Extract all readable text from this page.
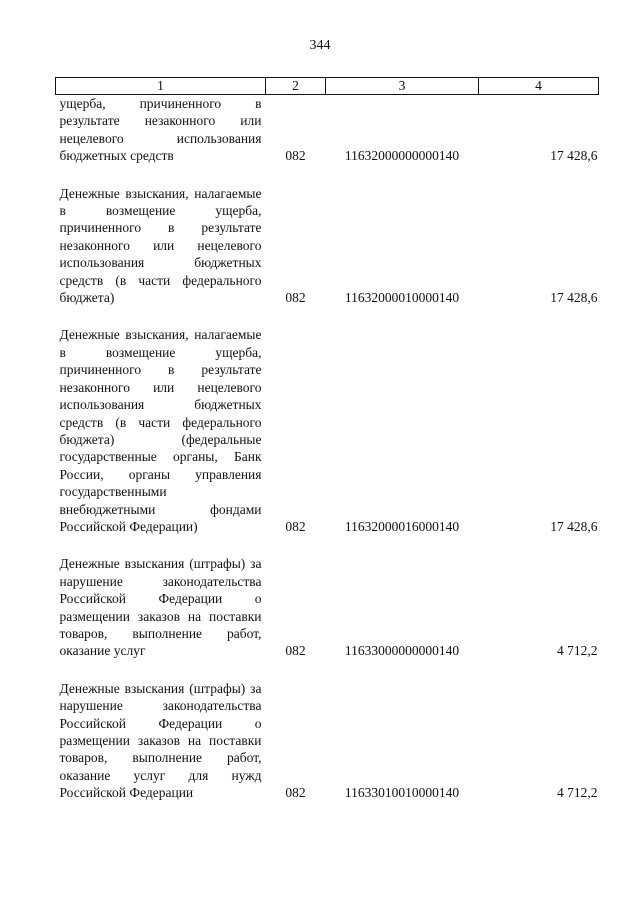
344
1	2	3	4
ущерба, причиненного в результате незаконного или нецелевого использования бюджетных средств	082	11632000000000140	17 428,6

Денежные взыскания, налагаемые в возмещение ущерба, причиненного в результате незаконного или нецелевого использования бюджетных средств (в части федерального бюджета)	082	11632000010000140	17 428,6

Денежные взыскания, налагаемые в возмещение ущерба, причиненного в результате незаконного или нецелевого использования бюджетных средств (в части федерального бюджета) (федеральные государственные органы, Банк России, органы управления государственными внебюджетными фондами Российской Федерации)	082	11632000016000140	17 428,6

Денежные взыскания (штрафы) за нарушение законодательства Российской Федерации о размещении заказов на поставки товаров, выполнение работ, оказание услуг	082	11633000000000140	4 712,2

Денежные взыскания (штрафы) за нарушение законодательства Российской Федерации о размещении заказов на поставки товаров, выполнение работ, оказание услуг для нужд Российской Федерации	082	11633010010000140	4 712,2
